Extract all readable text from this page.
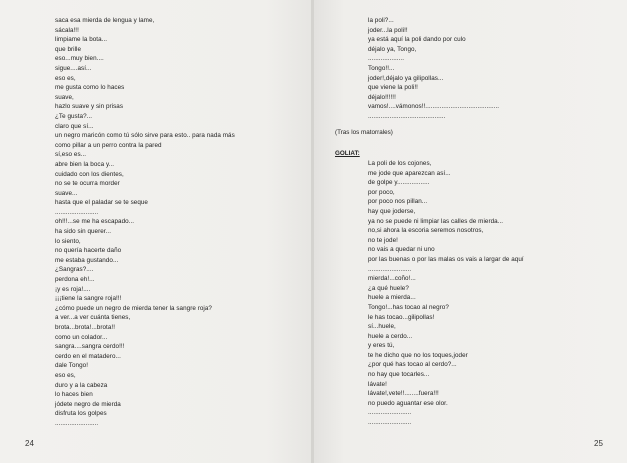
saca esa mierda de lengua y lame,
sácala!!!
limpiame la bota...
que brille
eso...muy bien....
sigue....así...
eso es,
me gusta como lo haces
suave,
hazlo suave y sin prisas
¿Te gusta?...
claro que sí...
un negro maricón como tú sólo sirve para esto.. para nada más
como pillar a un perro contra la pared
sí,eso es...
abre bien la boca y...
cuidado con los dientes,
no se te ocurra morder
suave...
hasta que el paladar se te seque
........................
oh!!!...se me ha escapado...
ha sido sin querer...
lo siento,
no quería hacerte daño
me estaba gustando...
¿Sangras?....
perdona eh!...
¡y es roja!....
¡¡¡tiene la sangre roja!!!
¿cómo puede un negro de mierda tener la sangre roja?
a ver...a ver cuánta tienes,
brota...brota!...brota!!
como un colador...
sangra....sangra cerdo!!!
cerdo en el matadero...
dale Tongo!
eso es,
duro y a la cabeza
lo haces bien
jódete negro de mierda
disfruta los golpes
........................
24
la poli?...
joder...la poli!!
ya está aquí la poli dando por culo
déjalo ya, Tongo,
....................
Tongo!!...
joder!,déjalo ya gilipollas...
que viene la poli!!
déjalo!!!!!!
vamos!....vámonos!!.........................................
...........................................
(Tras los matorrales)
GOLIAT:
La poli de los cojones,
me jode que aparezcan así...
de golpe y..................
por poco,
por poco nos pillan...
hay que joderse,
ya no se puede ni limpiar las calles de mierda...
no,si ahora la escoria seremos nosotros,
no te jode!
no vais a quedar ni uno
por las buenas o por las malas os vais a largar de aquí
........................
mierda!...coño!...
¿a qué huele?
huele a mierda...
Tongo!...has tocao al negro?
le has tocao...gilipollas!
sí...huele,
huele a cerdo...
y eres tú,
te he dicho que no los toques,joder
¿por qué has tocao al cerdo?...
no hay que tocarles...
lávate!
lávate!,vete!!........fuera!!!
no puedo aguantar ese olor.
........................
........................
25
